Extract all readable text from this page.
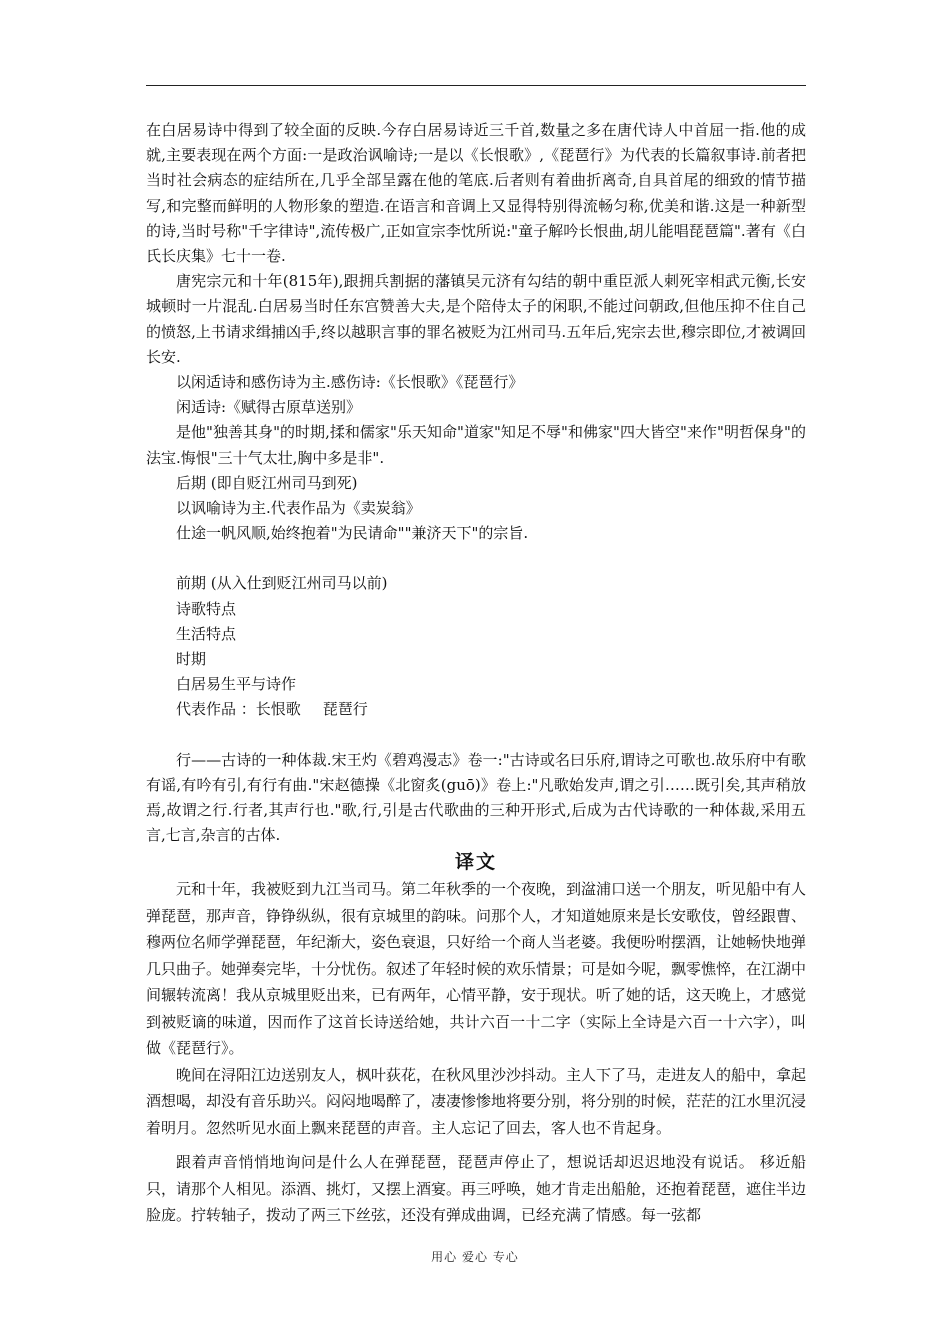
在白居易诗中得到了较全面的反映.今存白居易诗近三千首,数量之多在唐代诗人中首屈一指.他的成就,主要表现在两个方面:一是政治讽喻诗;一是以《长恨歌》,《琵琶行》为代表的长篇叙事诗.前者把当时社会病态的症结所在,几乎全部呈露在他的笔底.后者则有着曲折离奇,自具首尾的细致的情节描写,和完整而鲜明的人物形象的塑造.在语言和音调上又显得特别得流畅匀称,优美和谐.这是一种新型的诗,当时号称"千字律诗",流传极广,正如宣宗李忱所说:"童子解吟长恨曲,胡儿能唱琵琶篇".著有《白氏长庆集》七十一卷.

唐宪宗元和十年(815年),跟拥兵割据的藩镇吴元济有勾结的朝中重臣派人刺死宰相武元衡,长安城顿时一片混乱.白居易当时任东宫赞善大夫,是个陪侍太子的闲职,不能过问朝政,但他压抑不住自己的愤怒,上书请求缉捕凶手,终以越职言事的罪名被贬为江州司马.五年后,宪宗去世,穆宗即位,才被调回长安.

以闲适诗和感伤诗为主.感伤诗:《长恨歌》《琵琶行》

闲适诗:《赋得古原草送别》

是他"独善其身"的时期,揉和儒家"乐天知命"道家"知足不辱"和佛家"四大皆空"来作"明哲保身"的法宝.悔恨"三十气太壮,胸中多是非".

后期 (即自贬江州司马到死)

以讽喻诗为主.代表作品为《卖炭翁》

仕途一帆风顺,始终抱着"为民请命""兼济天下"的宗旨.

前期 (从入仕到贬江州司马以前)

诗歌特点

生活特点

时期

白居易生平与诗作

代表作品 ：长恨歌 琵琶行

行——古诗的一种体裁.宋王灼《碧鸡漫志》卷一:"古诗或名曰乐府,谓诗之可歌也.故乐府中有歌有谣,有吟有引,有行有曲."宋赵德操《北窗炙(guō)》卷上:"凡歌始发声,谓之引……既引矣,其声稍放焉,故谓之行.行者,其声行也."歌,行,引是古代歌曲的三种开形式,后成为古代诗歌的一种体裁,采用五言,七言,杂言的古体.

译文

元和十年，我被贬到九江当司马。第二年秋季的一个夜晚，到湓浦口送一个朋友，听见船中有人弹琵琶，那声音，铮铮纵纵，很有京城里的韵味。问那个人，才知道她原来是长安歌伎，曾经跟曹、穆两位名师学弹琵琶，年纪渐大，姿色衰退，只好给一个商人当老婆。我便吩咐摆酒，让她畅快地弹几只曲子。她弹奏完毕，十分忧伤。叙述了年轻时候的欢乐情景；可是如今呢，飘零憔悴，在江湖中间辗转流离！我从京城里贬出来，已有两年，心情平静，安于现状。听了她的话，这天晚上，才感觉到被贬谪的味道，因而作了这首长诗送给她，共计六百一十二字（实际上全诗是六百一十六字），叫做《琵琶行》。

晚间在浔阳江边送别友人，枫叶荻花，在秋风里沙沙抖动。主人下了马，走进友人的船中，拿起酒想喝，却没有音乐助兴。闷闷地喝醉了，凄凄惨惨地将要分别，将分别的时候，茫茫的江水里沉浸着明月。忽然听见水面上飘来琵琶的声音。主人忘记了回去，客人也不肯起身。

跟着声音悄悄地询问是什么人在弹琵琶，琵琶声停止了，想说话却迟迟地没有说话。 移近船只，请那个人相见。添酒、挑灯，又摆上酒宴。再三呼唤，她才肯走出船舱，还抱着琵琶，遮住半边脸庞。拧转轴子，拨动了两三下丝弦，还没有弹成曲调，已经充满了情感。每一弦都

用心 爱心 专心
